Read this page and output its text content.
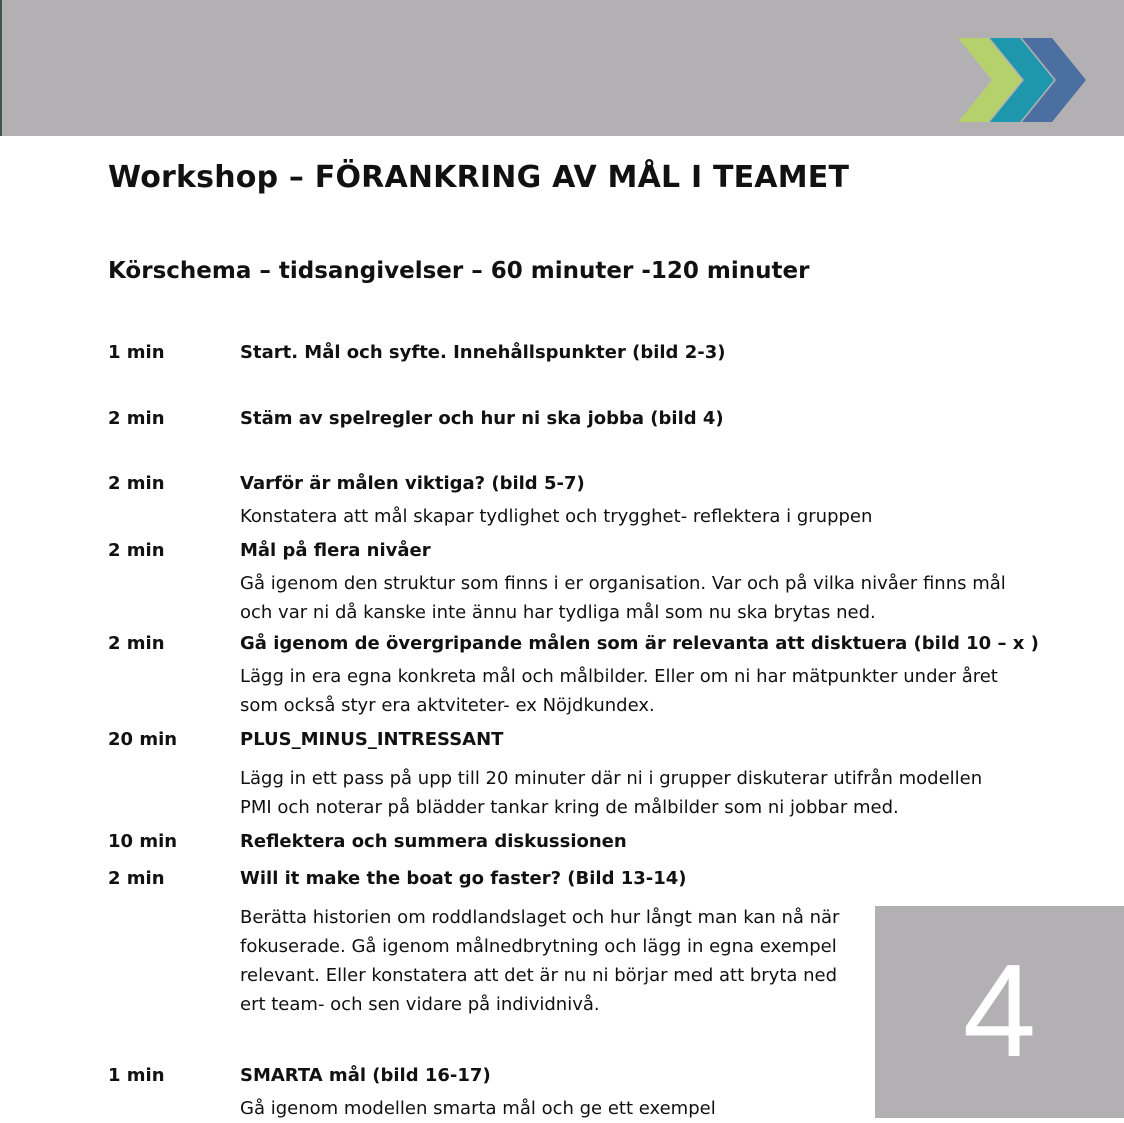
Workshop – FÖRANKRING AV MÅL I TEAMET
Körschema – tidsangivelser – 60 minuter -120 minuter
1 min	Start. Mål och syfte. Innehållspunkter (bild 2-3)
2 min	Stäm av spelregler och hur ni ska jobba (bild 4)
2 min	Varför är målen viktiga? (bild 5-7)
Konstatera att mål skapar tydlighet och trygghet- reflektera i gruppen
2 min	Mål på flera nivåer
Gå igenom den struktur som finns i er organisation. Var och på vilka nivåer finns mål
och var ni då kanske inte ännu har tydliga mål som nu ska brytas ned.
2 min	Gå igenom de övergripande målen som är relevanta att disktuera (bild 10 – x )
Lägg in era egna konkreta mål och målbilder. Eller om ni har mätpunkter under året
som också styr era aktviteter- ex Nöjdkundex.
20 min	PLUS_MINUS_INTRESSANT
Lägg in ett pass på upp till 20 minuter där ni i grupper diskuterar utifrån modellen
PMI och noterar på blädder tankar kring de målbilder som ni jobbar med.
10 min	Reflektera och summera diskussionen
2 min	Will it make the boat go faster? (Bild 13-14)
Berätta historien om roddlandslaget och hur långt man kan nå när
fokuserade. Gå igenom målnedbrytning och lägg in egna exempel
relevant. Eller konstatera att det är nu ni börjar med att bryta ned
ert team- och sen vidare på individnivå.
1 min	SMARTA mål (bild 16-17)
Gå igenom modellen smarta mål och ge ett exempel
4
